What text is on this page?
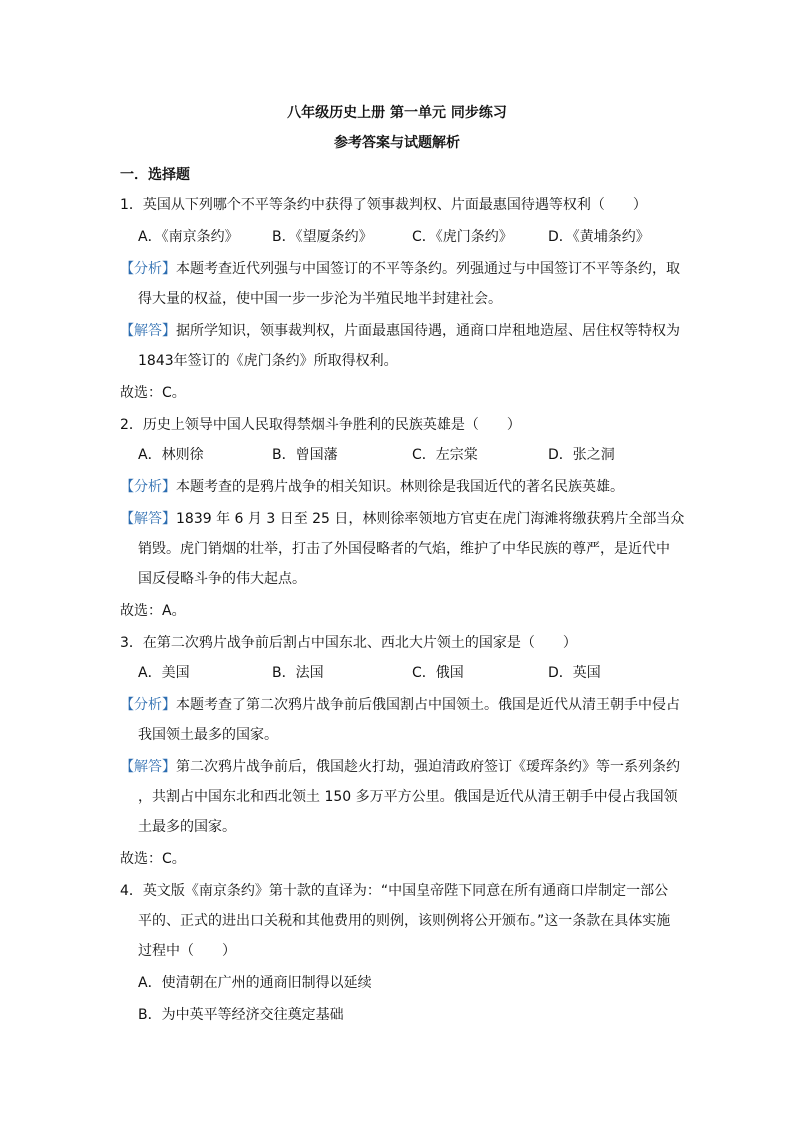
八年级历史上册 第一单元 同步练习
参考答案与试题解析
一．选择题
1．英国从下列哪个不平等条约中获得了领事裁判权、片面最惠国待遇等权利（　　）
A．《南京条约》 B．《望厦条约》	C．《虎门条约》	D．《黄埔条约》
【分析】本题考查近代列强与中国签订的不平等条约。列强通过与中国签订不平等条约，取
得大量的权益，使中国一步一步沦为半殖民地半封建社会。
【解答】据所学知识，领事裁判权，片面最惠国待遇，通商口岸租地造屋、居住权等特权为
1843年签订的《虎门条约》所取得权利。
故选：C。
2．历史上领导中国人民取得禁烟斗争胜利的民族英雄是（　　）
A．林则徐	B．曾国藩	C．左宗棠	D．张之洞
【分析】本题考查的是鸦片战争的相关知识。林则徐是我国近代的著名民族英雄。
【解答】1839 年 6 月 3 日至 25 日，林则徐率领地方官吏在虎门海滩将缴获鸦片全部当众
销毁。虎门销烟的壮举，打击了外国侵略者的气焰，维护了中华民族的尊严，是近代中
国反侵略斗争的伟大起点。
故选：A。
3．在第二次鸦片战争前后割占中国东北、西北大片领土的国家是（　　）
A．美国	B．法国	C．俄国	D．英国
【分析】本题考查了第二次鸦片战争前后俄国割占中国领土。俄国是近代从清王朝手中侵占
我国领土最多的国家。
【解答】第二次鸦片战争前后，俄国趁火打劫，强迫清政府签订《瑷珲条约》等一系列条约
，共割占中国东北和西北领土 150 多万平方公里。俄国是近代从清王朝手中侵占我国领
土最多的国家。
故选：C。
4．英文版《南京条约》第十款的直译为：“中国皇帝陛下同意在所有通商口岸制定一部公
平的、正式的进出口关税和其他费用的则例，该则例将公开颁布。”这一条款在具体实施
过程中（　　）
A．使清朝在广州的通商旧制得以延续
B．为中英平等经济交往奠定基础
